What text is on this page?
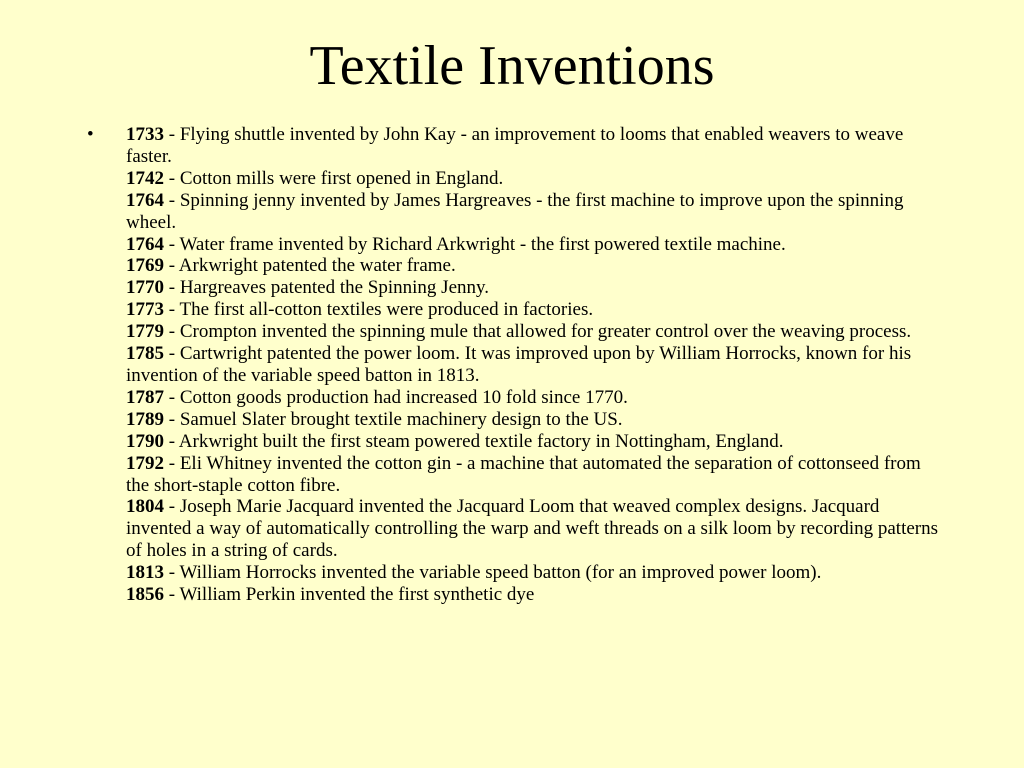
Textile Inventions
• 1733 - Flying shuttle invented by John Kay - an improvement to looms that enabled weavers to weave faster.
1742 - Cotton mills were first opened in England.
1764 - Spinning jenny invented by James Hargreaves - the first machine to improve upon the spinning wheel.
1764 - Water frame invented by Richard Arkwright - the first powered textile machine.
1769 - Arkwright patented the water frame.
1770 - Hargreaves patented the Spinning Jenny.
1773 - The first all-cotton textiles were produced in factories.
1779 - Crompton invented the spinning mule that allowed for greater control over the weaving process.
1785 - Cartwright patented the power loom. It was improved upon by William Horrocks, known for his invention of the variable speed batton in 1813.
1787 - Cotton goods production had increased 10 fold since 1770.
1789 - Samuel Slater brought textile machinery design to the US.
1790 - Arkwright built the first steam powered textile factory in Nottingham, England.
1792 - Eli Whitney invented the cotton gin - a machine that automated the separation of cottonseed from the short-staple cotton fibre.
1804 - Joseph Marie Jacquard invented the Jacquard Loom that weaved complex designs. Jacquard invented a way of automatically controlling the warp and weft threads on a silk loom by recording patterns of holes in a string of cards.
1813 - William Horrocks invented the variable speed batton (for an improved power loom).
1856 - William Perkin invented the first synthetic dye
